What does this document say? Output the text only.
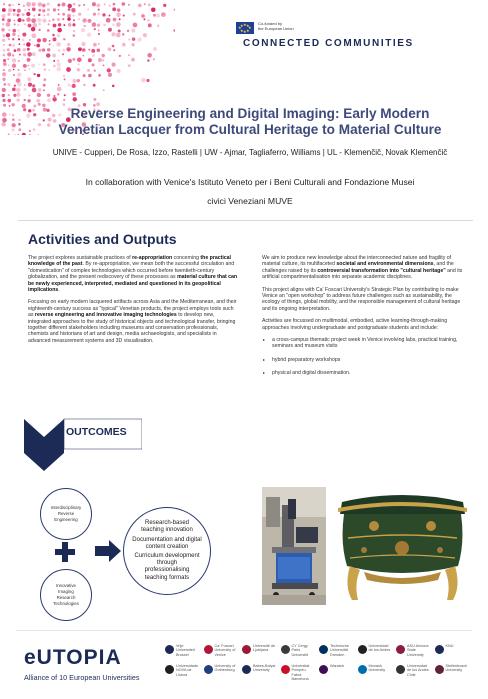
★ ★
★
★
★
★
★
★	Co-funded by
the European Union
CONNECTED COMMUNITIES
Reverse Engineering and Digital Imaging: Early Modern
Venetian Lacquer from Cultural Heritage to Material Culture
UNIVE - Cupperi, De Rosa, Izzo, Rastelli | UW - Ajmar, Tagliaferro, Williams | UL - Klemenčič, Novak Klemenčič
In collaboration with Venice's Istituto Veneto per i Beni Culturali and Fondazione Musei
civici Veneziani MUVE
Activities and Outputs

The project explores sustainable practices of re-appropriation concerning the practical knowledge of the past. By re-appropriation, we mean both the successful circulation and "domestication" of complex technologies which occurred before twentieth-century globalization, and the present rediscovery of these processes as material culture that can be newly experienced, interpreted, mediated and questioned in its geopolitical implications.

Focusing on early modern lacquered artifacts across Asia and the Mediterranean, and their eighteenth-century success as "typical" Venetian products, the project employs tools such as reverse engineering and innovative imaging technologies to develop new, integrated approaches to the study of historical objects and technological transfer, bringing together different stakeholders including museums and conservation professionals, chemists and historians of art and design, media archaeologists, and specialists in advanced measurement systems and 3D visualisation.

We aim to produce new knowledge about the interconnected nature and fragility of material culture, its multifaceted societal and environmental dimensions, and the challenges raised by its controversial transformation into "cultural heritage" and its artificial compartmentalisation into separate academic disciplines.

This project aligns with Ca' Foscari University's Strategic Plan by contributing to make Venice an "open workshop" to address future challenges such as sustainability, the ecology of things, global mobility, and the responsible management of cultural heritage and its ongoing interpretation.

Activities are focussed on multimodal, embodied, active learning-through-making approaches involving undergraduate and postgraduate students and include:

▸ a cross-campus thematic project week in Venice involving labs, practical training, seminars and museum visits
▸ hybrid preparatory workshops
▸ physical and digital dissemination.
OUTCOMES
Interdisciplinary
Reverse
Engineering
Innovative
Imaging
Research
Technologies
Research-based teaching innovation
Documentation and digital content creation
Curriculum development through professionalising teaching formats
eUTOPIA
Alliance of 10 European Universities
Vrije Universiteit Brussel
Ca' Foscari University of Venice
Université de Ljubljana
CY Cergy Paris Université
Technische Universität Dresden
Universidad de los Andes
ASU Arizona State University
KNU
Universidade NOVA de Lisboa
University of Gothenburg
Babeș-Bolyai University
Universitat Pompeu Fabra Barcelona
Warwick	Monash University
Universidad de los Andes Chile
Stellenbosch University
